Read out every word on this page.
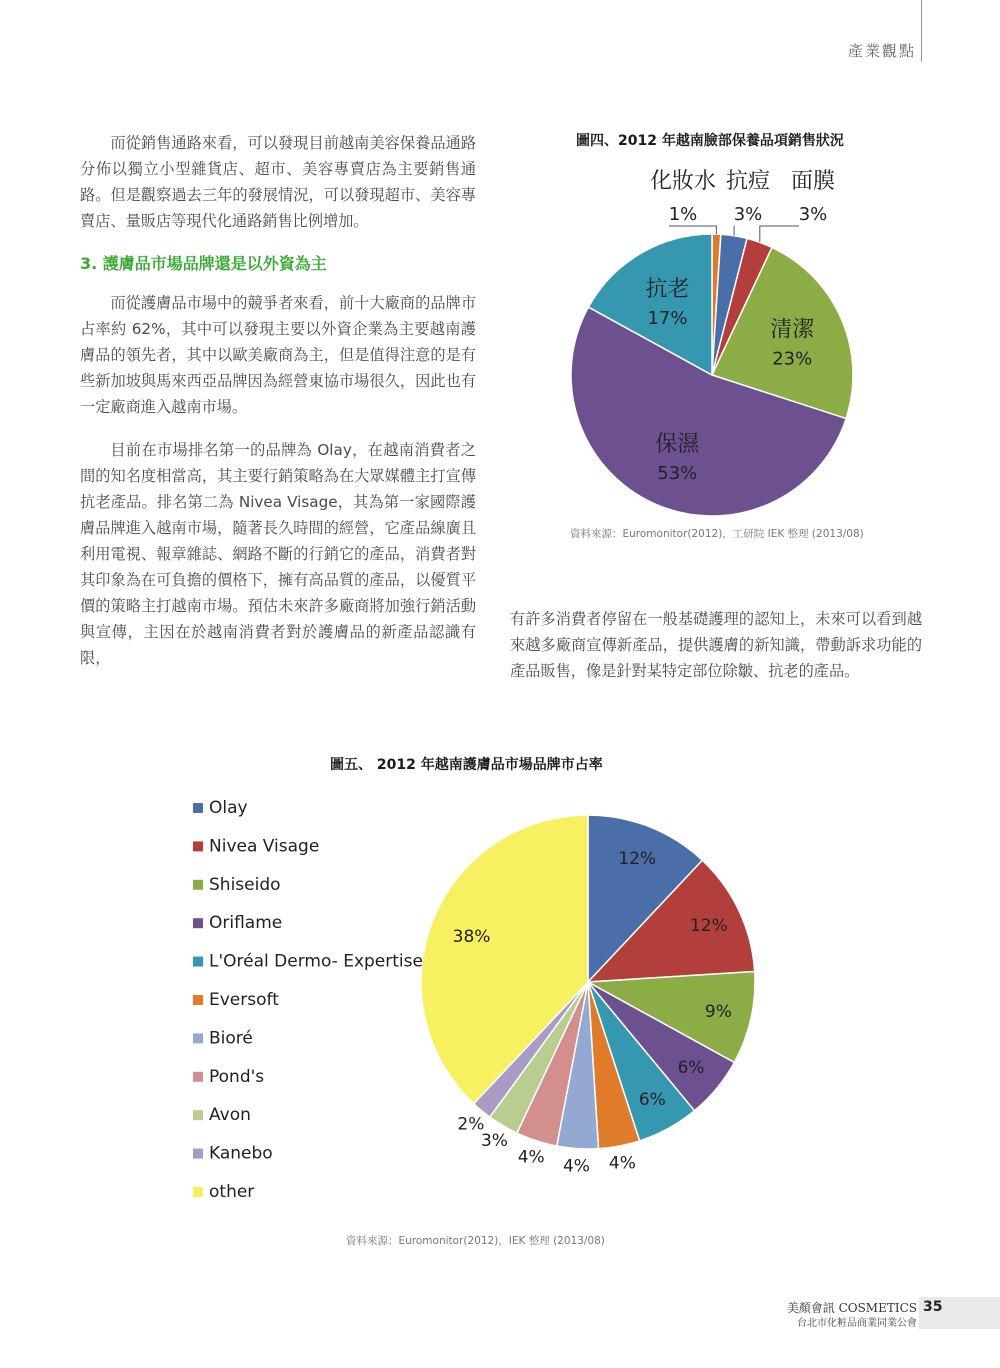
產業觀點

而從銷售通路來看，可以發現目前越南美容保養品通路分佈以獨立小型雜貨店、超市、美容專賣店為主要銷售通路。但是觀察過去三年的發展情況，可以發現超市、美容專賣店、量販店等現代化通路銷售比例增加。

3. 護膚品市場品牌還是以外資為主

而從護膚品市場中的競爭者來看，前十大廠商的品牌市占率約 62%，其中可以發現主要以外資企業為主要越南護膚品的領先者，其中以歐美廠商為主，但是值得注意的是有些新加坡與馬來西亞品牌因為經營東協市場很久，因此也有一定廠商進入越南市場。

目前在市場排名第一的品牌為 Olay，在越南消費者之間的知名度相當高，其主要行銷策略為在大眾媒體主打宣傳抗老產品。排名第二為 Nivea Visage，其為第一家國際護膚品牌進入越南市場，隨著長久時間的經營，它產品線廣且利用電視、報章雜誌、網路不斷的行銷它的產品，消費者對其印象為在可負擔的價格下，擁有高品質的產品，以優質平價的策略主打越南市場。預估未來許多廠商將加強行銷活動與宣傳，主因在於越南消費者對於護膚品的新產品認識有限，

有許多消費者停留在一般基礎護理的認知上，未來可以看到越來越多廠商宣傳新產品，提供護膚的新知識，帶動訴求功能的產品販售，像是針對某特定部位除皺、抗老的產品。

圖四、2012 年越南臉部保養品項銷售狀況
清潔
23%
保濕
53%
抗老
17%
化妝水
1%
抗痘
3%
面膜
3%
資料來源：Euromonitor(2012)，工研院 IEK 整理 (2013/08)
圖五、 2012 年越南護膚品市場品牌市占率
12%
12%
9%
6%
6%
4%
4%
4%
3%
2%
38%
Olay
Nivea Visage
Shiseido
Oriflame
L'Oréal Dermo- Expertise
Eversoft
Bioré
Pond's
Avon
Kanebo
other
資料來源：Euromonitor(2012)，IEK 整理 (2013/08)
美顏會訊 COSMETICS
台北市化粧品商業同業公會
35
